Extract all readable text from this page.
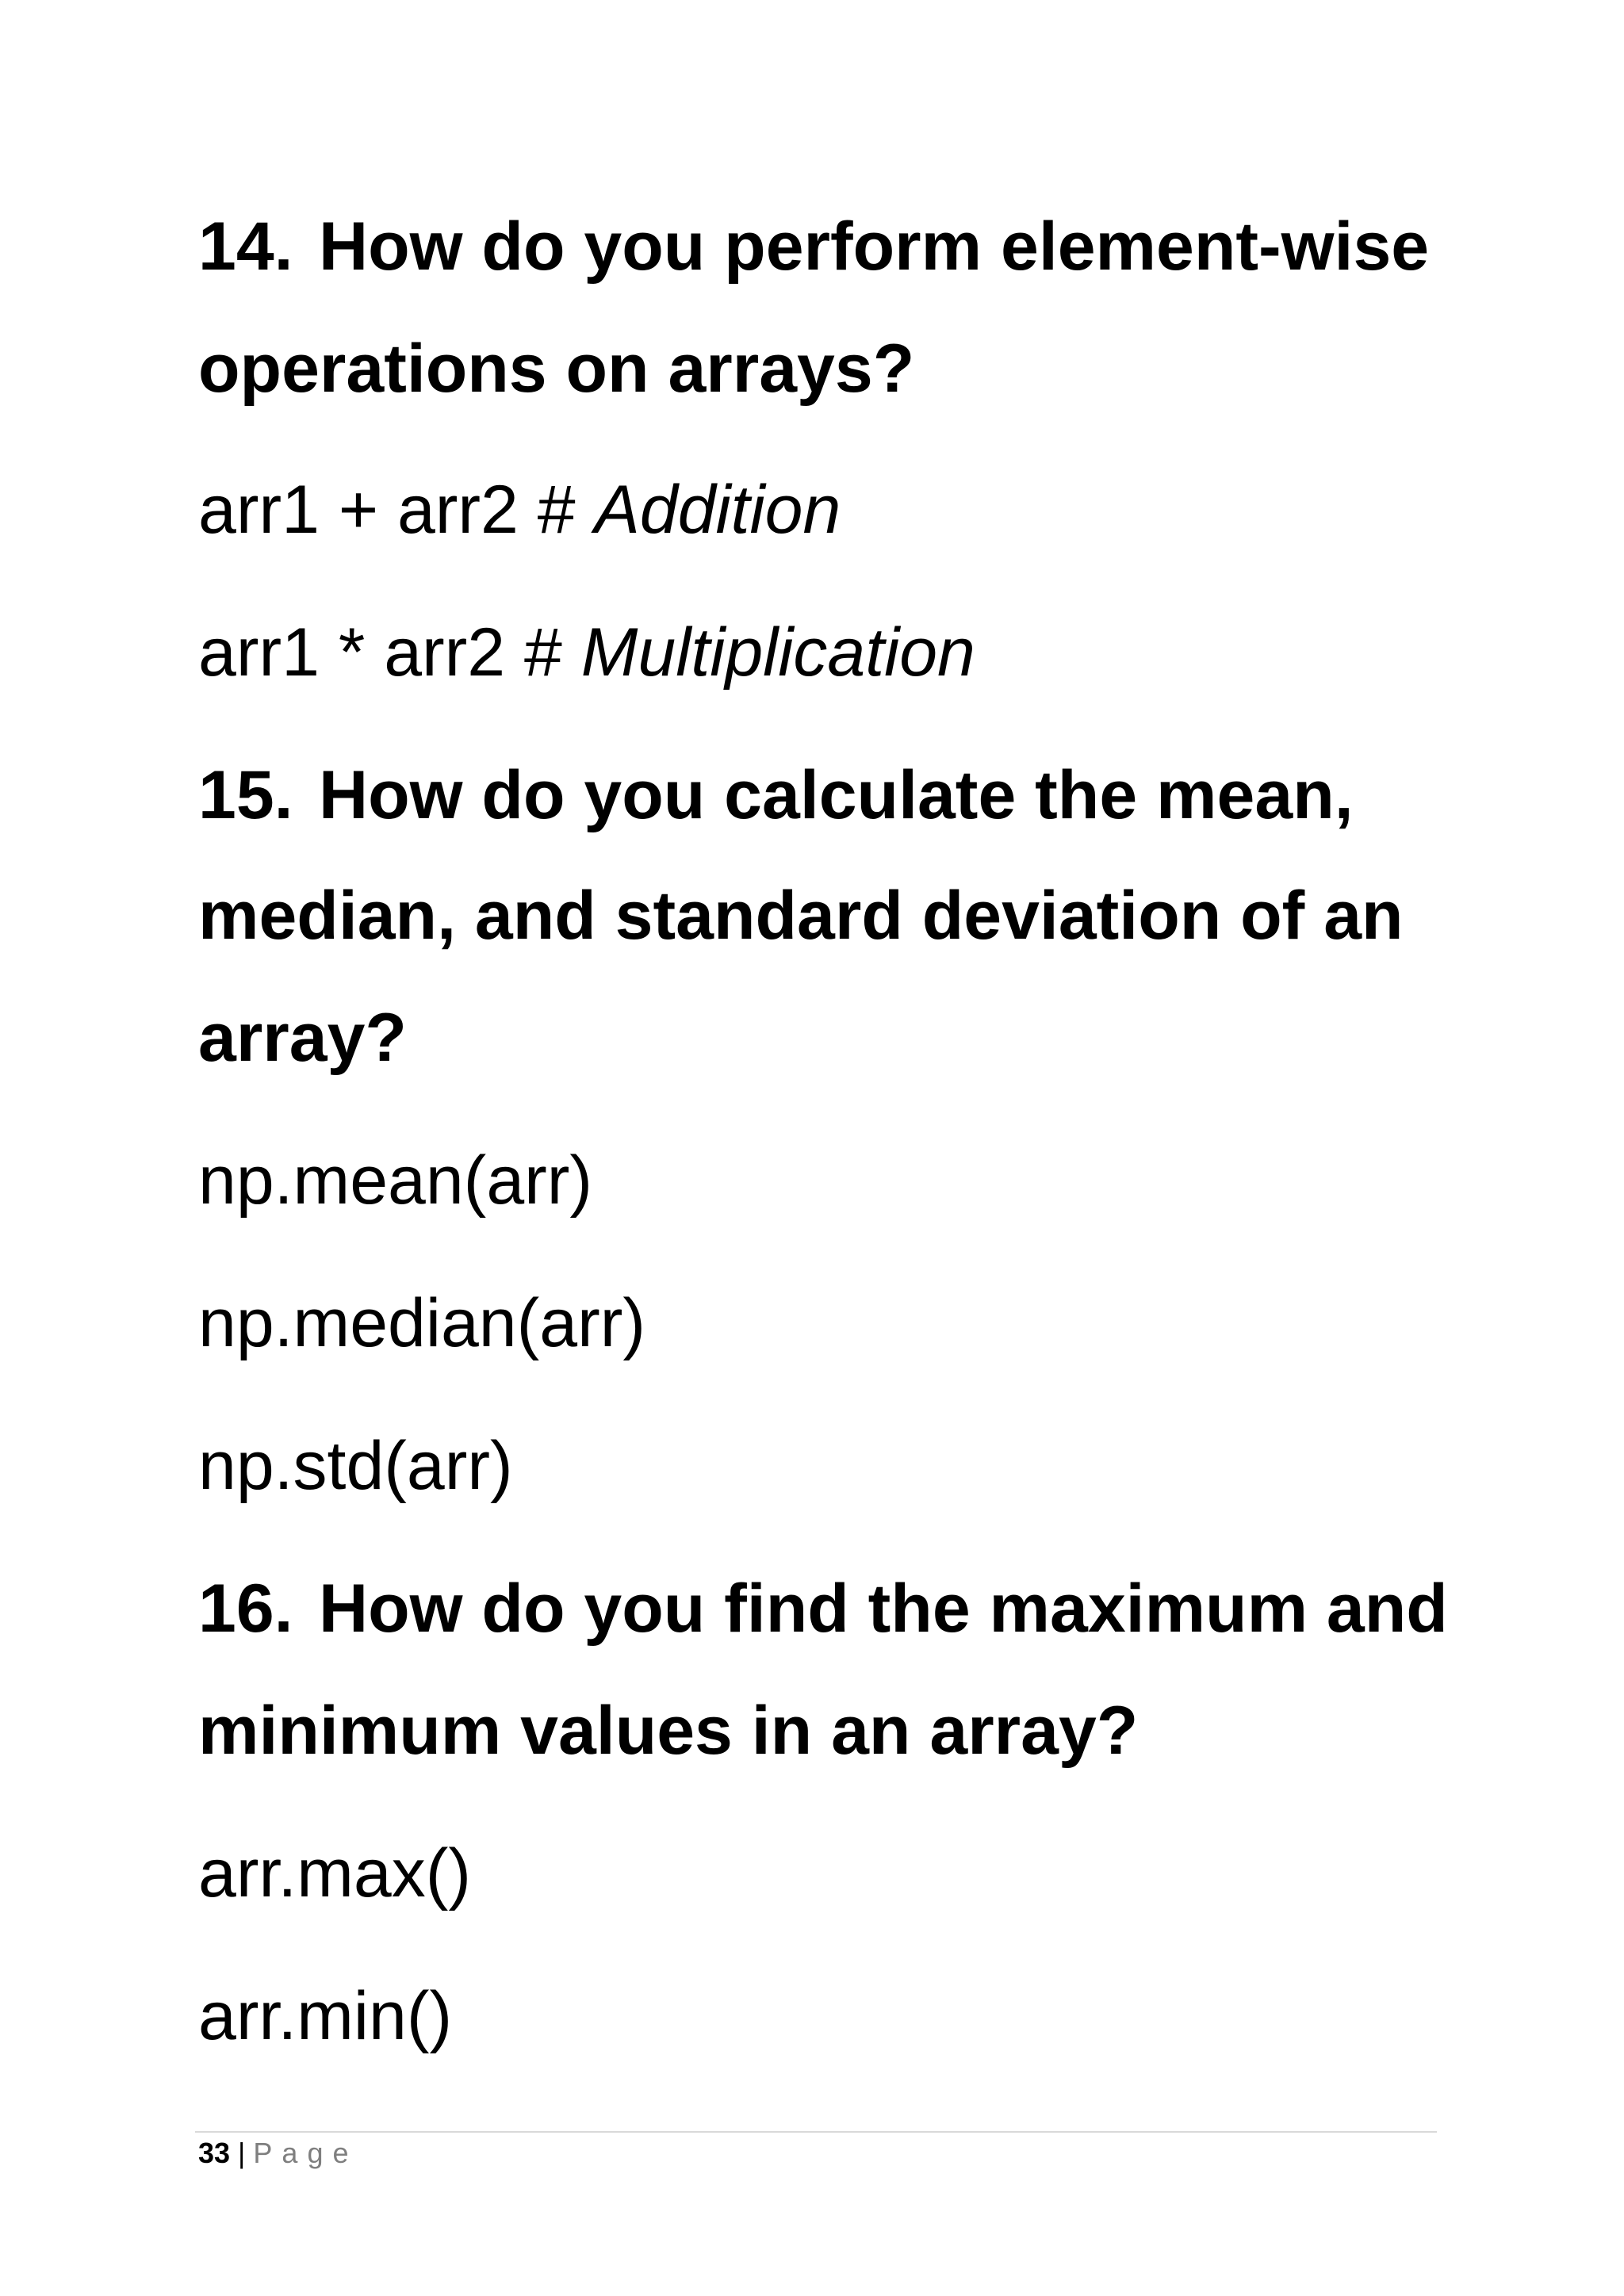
14. How do you perform element-wise
operations on arrays?
arr1 + arr2 # Addition
arr1 * arr2 # Multiplication
15. How do you calculate the mean,
median, and standard deviation of an
array?
np.mean(arr)
np.median(arr)
np.std(arr)
16. How do you find the maximum and
minimum values in an array?
arr.max()
arr.min()
33 | Page
